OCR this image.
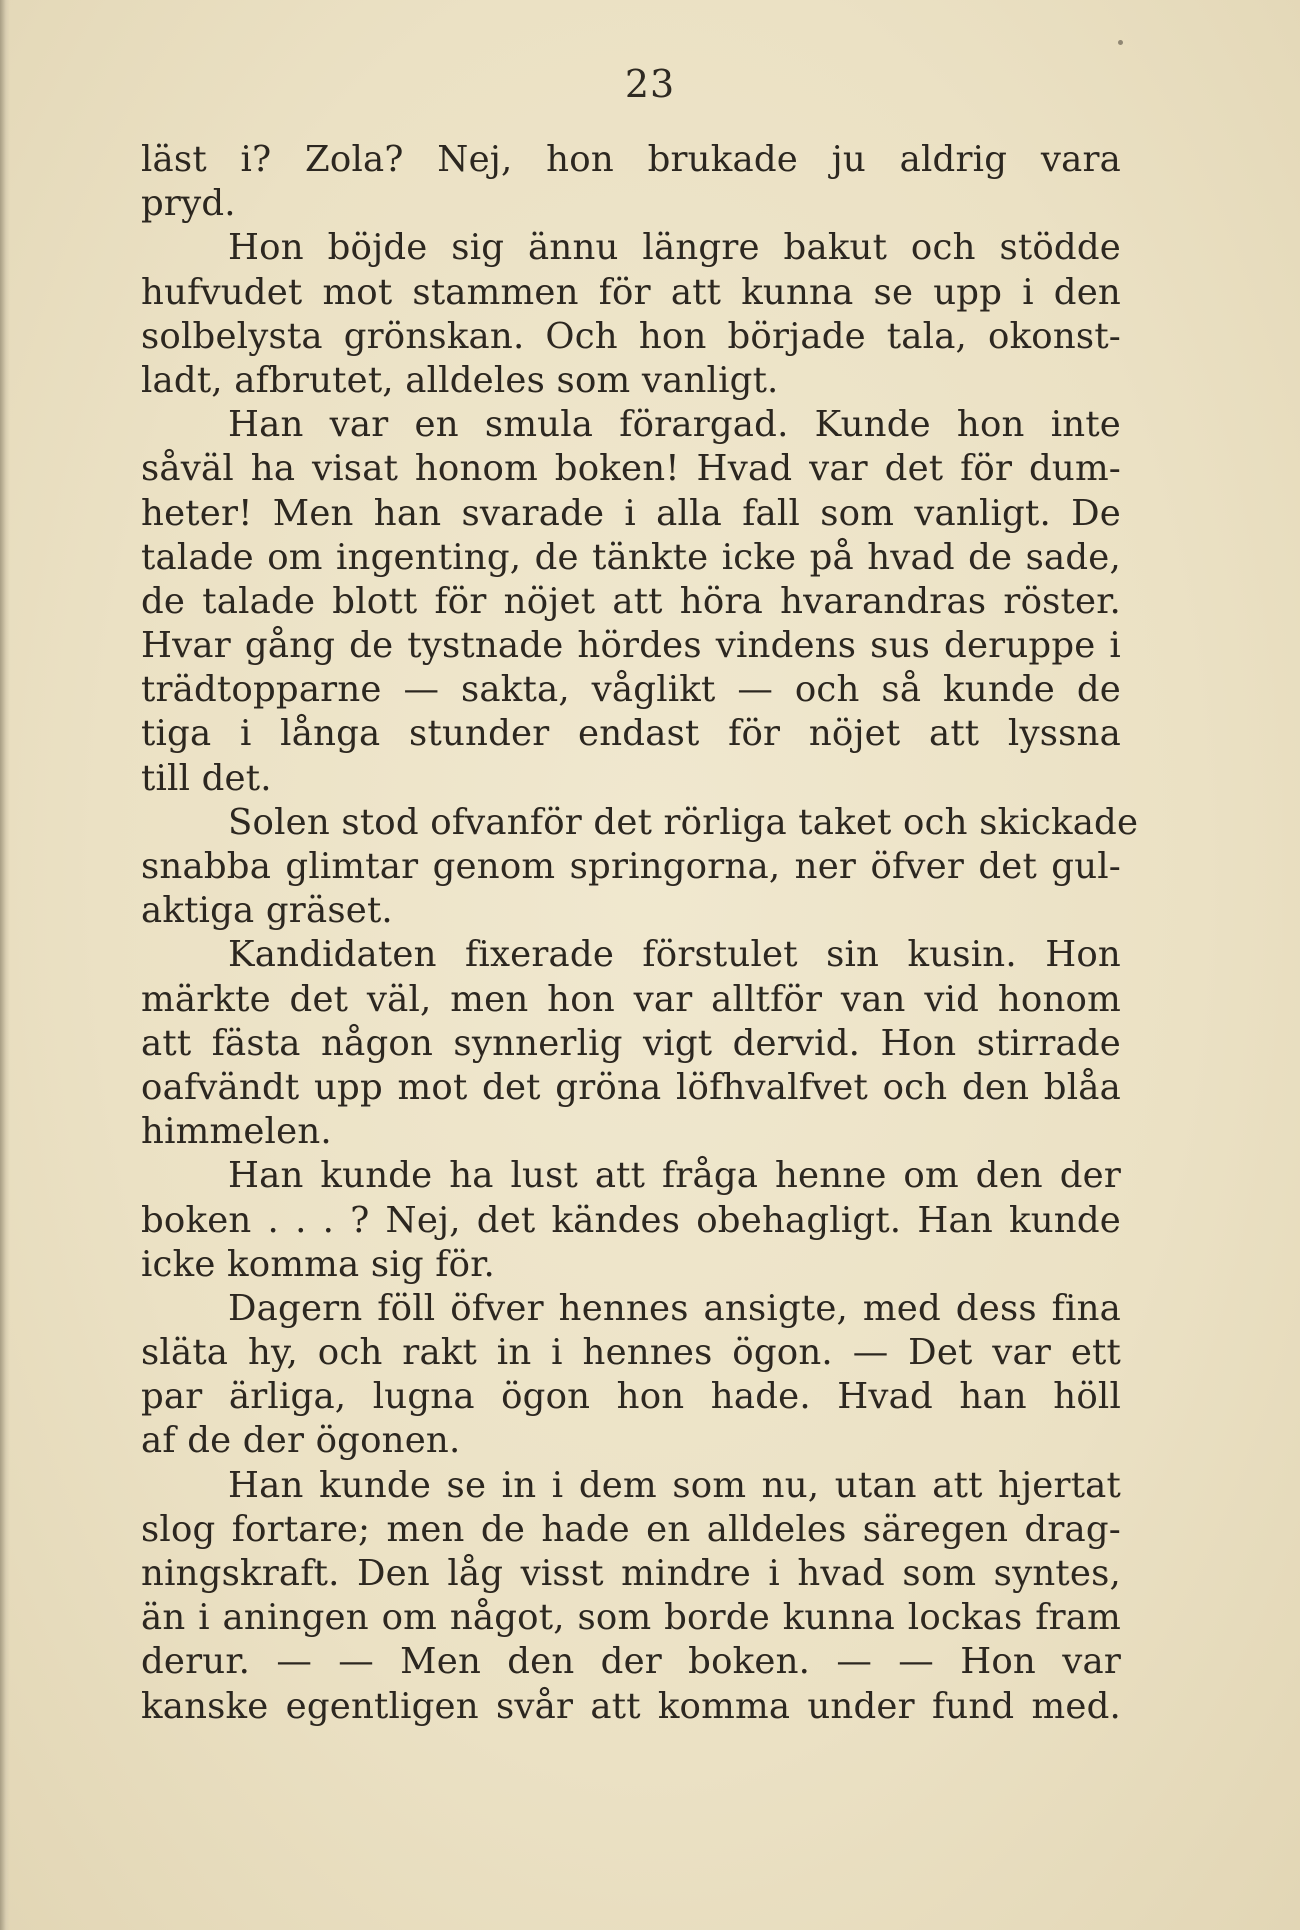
23
läst i? Zola? Nej, hon brukade ju aldrig vara
pryd.
Hon böjde sig ännu längre bakut och stödde
hufvudet mot stammen för att kunna se upp i den
solbelysta grönskan. Och hon började tala, okonst-
ladt, afbrutet, alldeles som vanligt.
Han var en smula förargad. Kunde hon inte
såväl ha visat honom boken! Hvad var det för dum-
heter! Men han svarade i alla fall som vanligt. De
talade om ingenting, de tänkte icke på hvad de sade,
de talade blott för nöjet att höra hvarandras röster.
Hvar gång de tystnade hördes vindens sus deruppe i
trädtopparne — sakta, våglikt — och så kunde de
tiga i långa stunder endast för nöjet att lyssna
till det.
Solen stod ofvanför det rörliga taket och skickade
snabba glimtar genom springorna, ner öfver det gul-
aktiga gräset.
Kandidaten fixerade förstulet sin kusin. Hon
märkte det väl, men hon var alltför van vid honom
att fästa någon synnerlig vigt dervid. Hon stirrade
oafvändt upp mot det gröna löfhvalfvet och den blåa
himmelen.
Han kunde ha lust att fråga henne om den der
boken . . . ? Nej, det kändes obehagligt. Han kunde
icke komma sig för.
Dagern föll öfver hennes ansigte, med dess fina
släta hy, och rakt in i hennes ögon. — Det var ett
par ärliga, lugna ögon hon hade. Hvad han höll
af de der ögonen.
Han kunde se in i dem som nu, utan att hjertat
slog fortare; men de hade en alldeles säregen drag-
ningskraft. Den låg visst mindre i hvad som syntes,
än i aningen om något, som borde kunna lockas fram
derur. — — Men den der boken. — — Hon var
kanske egentligen svår att komma under fund med.
